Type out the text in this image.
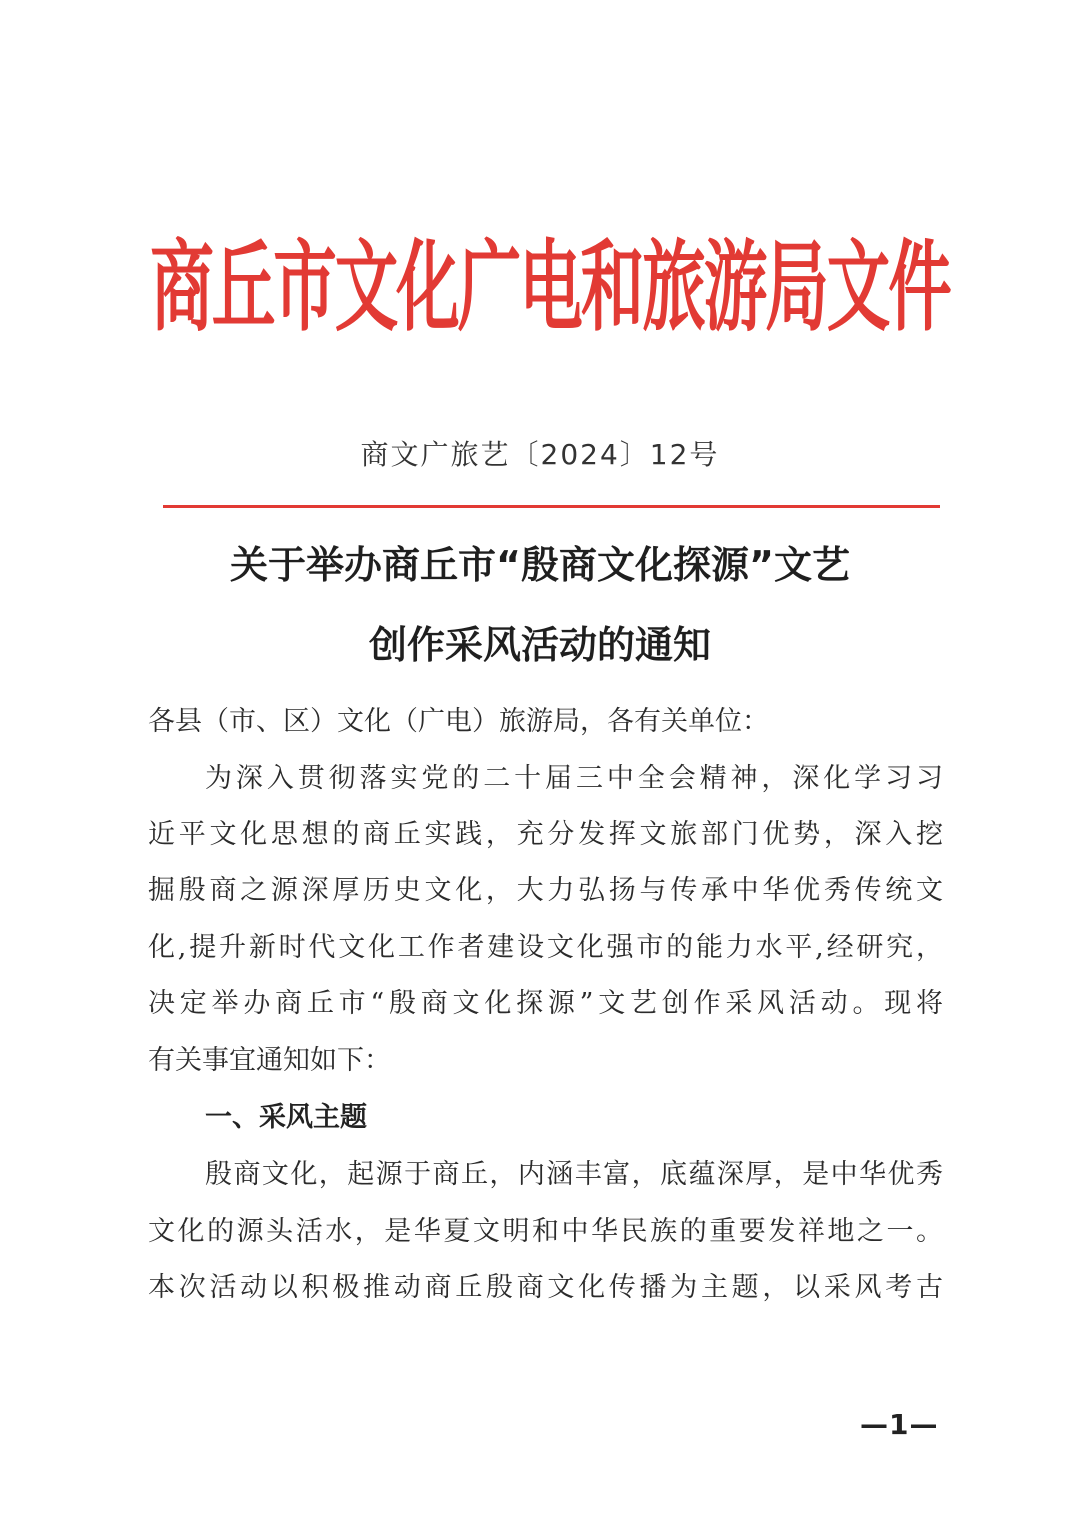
商丘市文化广电和旅游局文件
商文广旅艺〔2024〕12号
关于举办商丘市“殷商文化探源”文艺
创作采风活动的通知
各县（市、区）文化（广电）旅游局，各有关单位：
为深入贯彻落实党的二十届三中全会精神，深化学习习
近平文化思想的商丘实践，充分发挥文旅部门优势，深入挖
掘殷商之源深厚历史文化，大力弘扬与传承中华优秀传统文
化,提升新时代文化工作者建设文化强市的能力水平,经研究，
决定举办商丘市“殷商文化探源”文艺创作采风活动。现将
有关事宜通知如下：
一、采风主题
殷商文化，起源于商丘，内涵丰富，底蕴深厚，是中华优秀
文化的源头活水，是华夏文明和中华民族的重要发祥地之一。
本次活动以积极推动商丘殷商文化传播为主题，以采风考古
—1—
